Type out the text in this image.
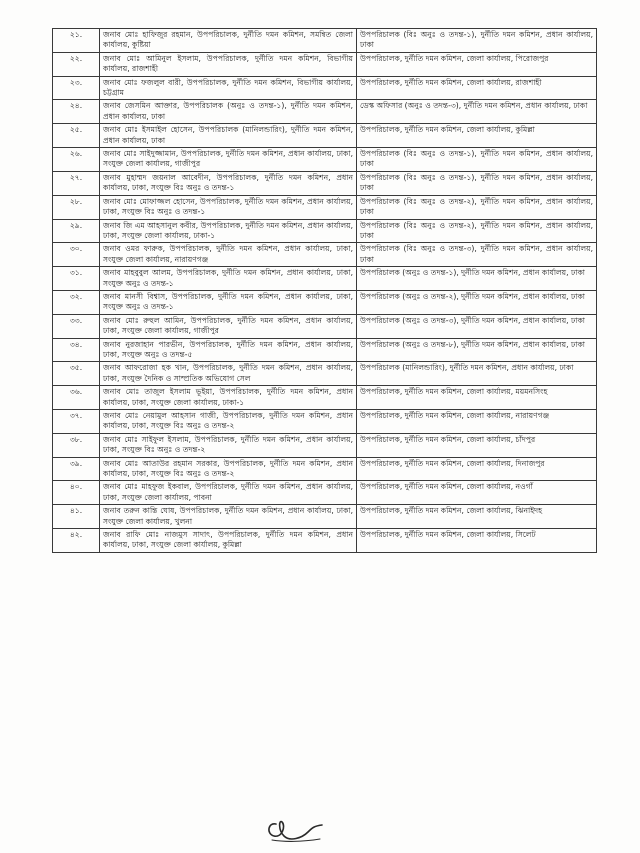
২১.	জনাব মোঃ হাফিজুর রহমান, উপপরিচালক, দুর্নীতি দমন কমিশন, সমন্বিত জেলা কার্যালয়, কুষ্টিয়া	উপপরিচালক (বিঃ অনুঃ ও তদন্ত-১), দুর্নীতি দমন কমিশন, প্রধান কার্যালয়, ঢাকা
২২.	জনাব মোঃ আমিনুল ইসলাম, উপপরিচালক, দুর্নীতি দমন কমিশন, বিভাগীয় কার্যালয়, রাজশাহী	উপপরিচালক, দুর্নীতি দমন কমিশন, জেলা কার্যালয়, পিরোজপুর
২৩.	জনাব মোঃ ফজলুল বারী, উপপরিচালক, দুর্নীতি দমন কমিশন, বিভাগীয় কার্যালয়, চট্টগ্রাম	উপপরিচালক, দুর্নীতি দমন কমিশন, জেলা কার্যালয়, রাজশাহী
২৪.	জনাব জেসমিন আক্তার, উপপরিচালক (অনুঃ ও তদন্ত-১), দুর্নীতি দমন কমিশন, প্রধান কার্যালয়, ঢাকা	ডেস্ক অফিসার (অনুঃ ও তদন্ত-৩), দুর্নীতি দমন কমিশন, প্রধান কার্যালয়, ঢাকা
২৫.	জনাব মোঃ ইসমাইল হোসেন, উপপরিচালক (মানিলন্ডারিং), দুর্নীতি দমন কমিশন, প্রধান কার্যালয়, ঢাকা	উপপরিচালক, দুর্নীতি দমন কমিশন, জেলা কার্যালয়, কুমিল্লা
২৬.	জনাব মোঃ সাইদুজ্জামান, উপপরিচালক, দুর্নীতি দমন কমিশন, প্রধান কার্যালয়, ঢাকা, সংযুক্ত জেলা কার্যালয়, গাজীপুর	উপপরিচালক (বিঃ অনুঃ ও তদন্ত-১), দুর্নীতি দমন কমিশন, প্রধান কার্যালয়, ঢাকা
২৭.	জনাব মুহাম্মদ জয়নাল আবেদীন, উপপরিচালক, দুর্নীতি দমন কমিশন, প্রধান কার্যালয়, ঢাকা, সংযুক্ত বিঃ অনুঃ ও তদন্ত-১	উপপরিচালক (বিঃ অনুঃ ও তদন্ত-১), দুর্নীতি দমন কমিশন, প্রধান কার্যালয়, ঢাকা
২৮.	জনাব মোঃ মোফাজ্জল হোসেন, উপপরিচালক, দুর্নীতি দমন কমিশন, প্রধান কার্যালয়, ঢাকা, সংযুক্ত বিঃ অনুঃ ও তদন্ত-১	উপপরিচালক (বিঃ অনুঃ ও তদন্ত-২), দুর্নীতি দমন কমিশন, প্রধান কার্যালয়, ঢাকা
২৯.	জনাব জি এম আহসানুল কবীর, উপপরিচালক, দুর্নীতি দমন কমিশন, প্রধান কার্যালয়, ঢাকা, সংযুক্ত জেলা কার্যালয়, ঢাকা-১	উপপরিচালক (বিঃ অনুঃ ও তদন্ত-২), দুর্নীতি দমন কমিশন, প্রধান কার্যালয়, ঢাকা
৩০.	জনাব ওমর ফারুক, উপপরিচালক, দুর্নীতি দমন কমিশন, প্রধান কার্যালয়, ঢাকা, সংযুক্ত জেলা কার্যালয়, নারায়ণগঞ্জ	উপপরিচালক (বিঃ অনুঃ ও তদন্ত-৩), দুর্নীতি দমন কমিশন, প্রধান কার্যালয়, ঢাকা
৩১.	জনাব মাহবুবুল আলম, উপপরিচালক, দুর্নীতি দমন কমিশন, প্রধান কার্যালয়, ঢাকা, সংযুক্ত অনুঃ ও তদন্ত-১	উপপরিচালক (অনুঃ ও তদন্ত-১), দুর্নীতি দমন কমিশন, প্রধান কার্যালয়, ঢাকা
৩২.	জনাব মানসী বিশ্বাস, উপপরিচালক, দুর্নীতি দমন কমিশন, প্রধান কার্যালয়, ঢাকা, সংযুক্ত অনুঃ ও তদন্ত-১	উপপরিচালক (অনুঃ ও তদন্ত-২), দুর্নীতি দমন কমিশন, প্রধান কার্যালয়, ঢাকা
৩৩.	জনাব মোঃ রুহুল আমিন, উপপরিচালক, দুর্নীতি দমন কমিশন, প্রধান কার্যালয়, ঢাকা, সংযুক্ত জেলা কার্যালয়, গাজীপুর	উপপরিচালক (অনুঃ ও তদন্ত-৩), দুর্নীতি দমন কমিশন, প্রধান কার্যালয়, ঢাকা
৩৪.	জনাব নুরজাহান পারভীন, উপপরিচালক, দুর্নীতি দমন কমিশন, প্রধান কার্যালয়, ঢাকা, সংযুক্ত অনুঃ ও তদন্ত-৫	উপপরিচালক (অনুঃ ও তদন্ত-৮), দুর্নীতি দমন কমিশন, প্রধান কার্যালয়, ঢাকা
৩৫.	জনাব আফরোজা হক খান, উপপরিচালক, দুর্নীতি দমন কমিশন, প্রধান কার্যালয়, ঢাকা, সংযুক্ত দৈনিক ও সাম্প্রতিক অভিযোগ সেল	উপপরিচালক (মানিলন্ডারিং), দুর্নীতি দমন কমিশন, প্রধান কার্যালয়, ঢাকা
৩৬.	জনাব মোঃ তাজুল ইসলাম ভূইয়া, উপপরিচালক, দুর্নীতি দমন কমিশন, প্রধান কার্যালয়, ঢাকা, সংযুক্ত জেলা কার্যালয়, ঢাকা-১	উপপরিচালক, দুর্নীতি দমন কমিশন, জেলা কার্যালয়, ময়মনসিংহ
৩৭.	জনাব মোঃ নেয়ামুল আহসান গাজী, উপপরিচালক, দুর্নীতি দমন কমিশন, প্রধান কার্যালয়, ঢাকা, সংযুক্ত বিঃ অনুঃ ও তদন্ত-২	উপপরিচালক, দুর্নীতি দমন কমিশন, জেলা কার্যালয়, নারায়ণগঞ্জ
৩৮.	জনাব মোঃ সাইফুল ইসলাম, উপপরিচালক, দুর্নীতি দমন কমিশন, প্রধান কার্যালয়, ঢাকা, সংযুক্ত বিঃ অনুঃ ও তদন্ত-২	উপপরিচালক, দুর্নীতি দমন কমিশন, জেলা কার্যালয়, চাঁদপুর
৩৯.	জনাব মোঃ আতাউর রহমান সরকার, উপপরিচালক, দুর্নীতি দমন কমিশন, প্রধান কার্যালয়, ঢাকা, সংযুক্ত বিঃ অনুঃ ও তদন্ত-২	উপপরিচালক, দুর্নীতি দমন কমিশন, জেলা কার্যালয়, দিনাজপুর
৪০.	জনাব মোঃ মাহফুজ ইকবাল, উপপরিচালক, দুর্নীতি দমন কমিশন, প্রধান কার্যালয়, ঢাকা, সংযুক্ত জেলা কার্যালয়, পাবনা	উপপরিচালক, দুর্নীতি দমন কমিশন, জেলা কার্যালয়, নওগাঁ
৪১.	জনাব তরুন কান্তি ঘোষ, উপপরিচালক, দুর্নীতি দমন কমিশন, প্রধান কার্যালয়, ঢাকা, সংযুক্ত জেলা কার্যালয়, খুলনা	উপপরিচালক, দুর্নীতি দমন কমিশন, জেলা কার্যালয়, ঝিনাইদহ
৪২.	জনাব রাফি মোঃ নাজমুস সাদাৎ, উপপরিচালক, দুর্নীতি দমন কমিশন, প্রধান কার্যালয়, ঢাকা, সংযুক্ত জেলা কার্যালয়, কুমিল্লা	উপপরিচালক, দুর্নীতি দমন কমিশন, জেলা কার্যালয়, সিলেট
